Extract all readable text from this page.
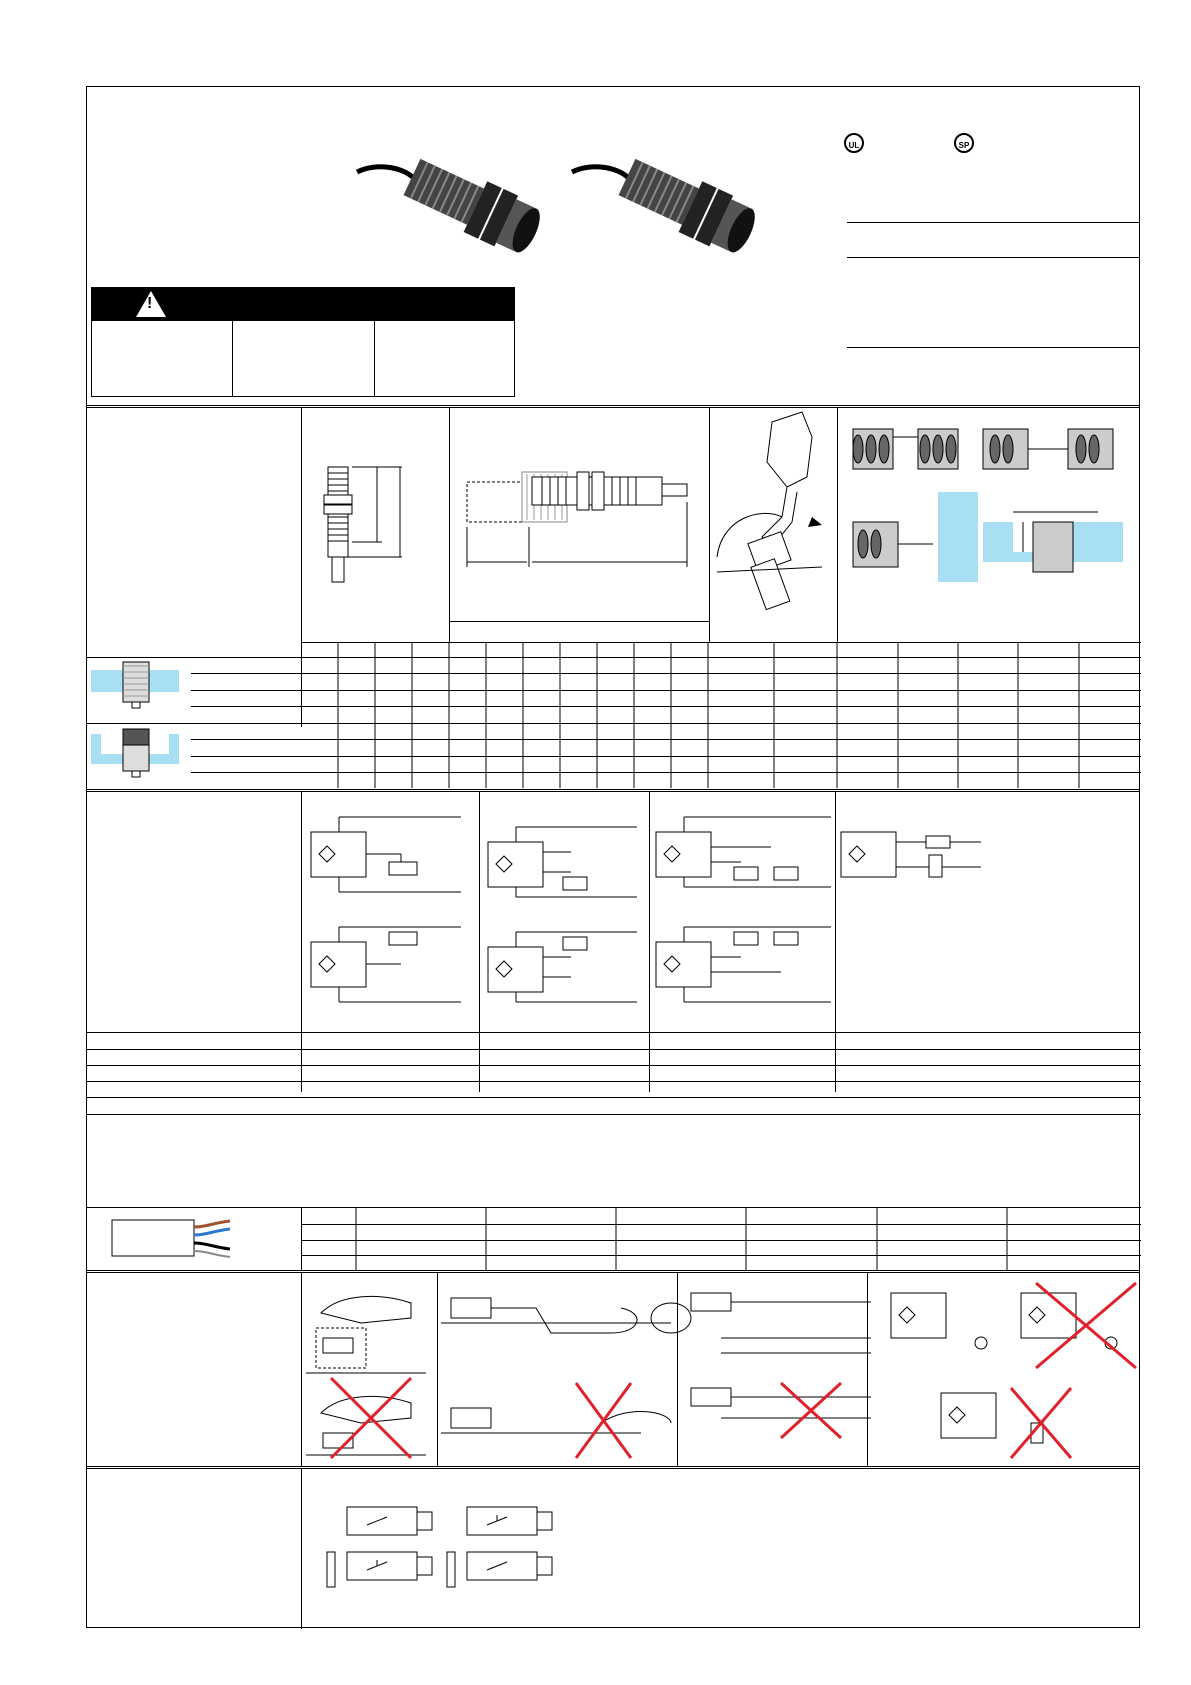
!
UL	SP
